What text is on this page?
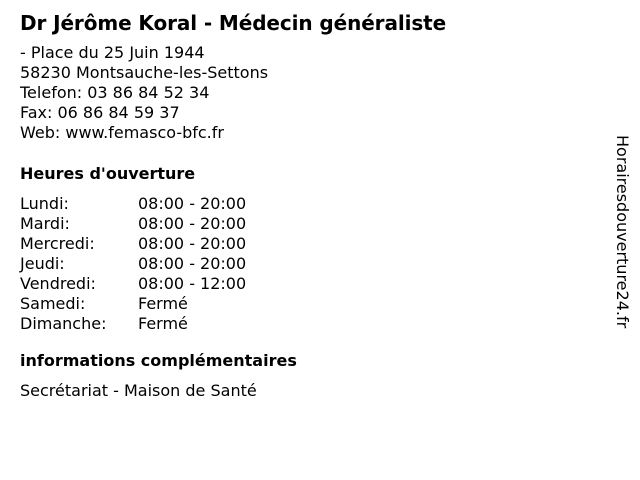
Dr Jérôme Koral - Médecin généraliste
- Place du 25 Juin 1944
58230 Montsauche-les-Settons
Telefon: 03 86 84 52 34
Fax: 06 86 84 59 37
Web: www.femasco-bfc.fr
Heures d'ouverture
Lundi:	08:00 - 20:00
Mardi:	08:00 - 20:00
Mercredi:	08:00 - 20:00
Jeudi:	08:00 - 20:00
Vendredi:	08:00 - 12:00
Samedi:	Fermé
Dimanche:	Fermé
informations complémentaires
Secrétariat - Maison de Santé
Horairesdouverture24.fr
